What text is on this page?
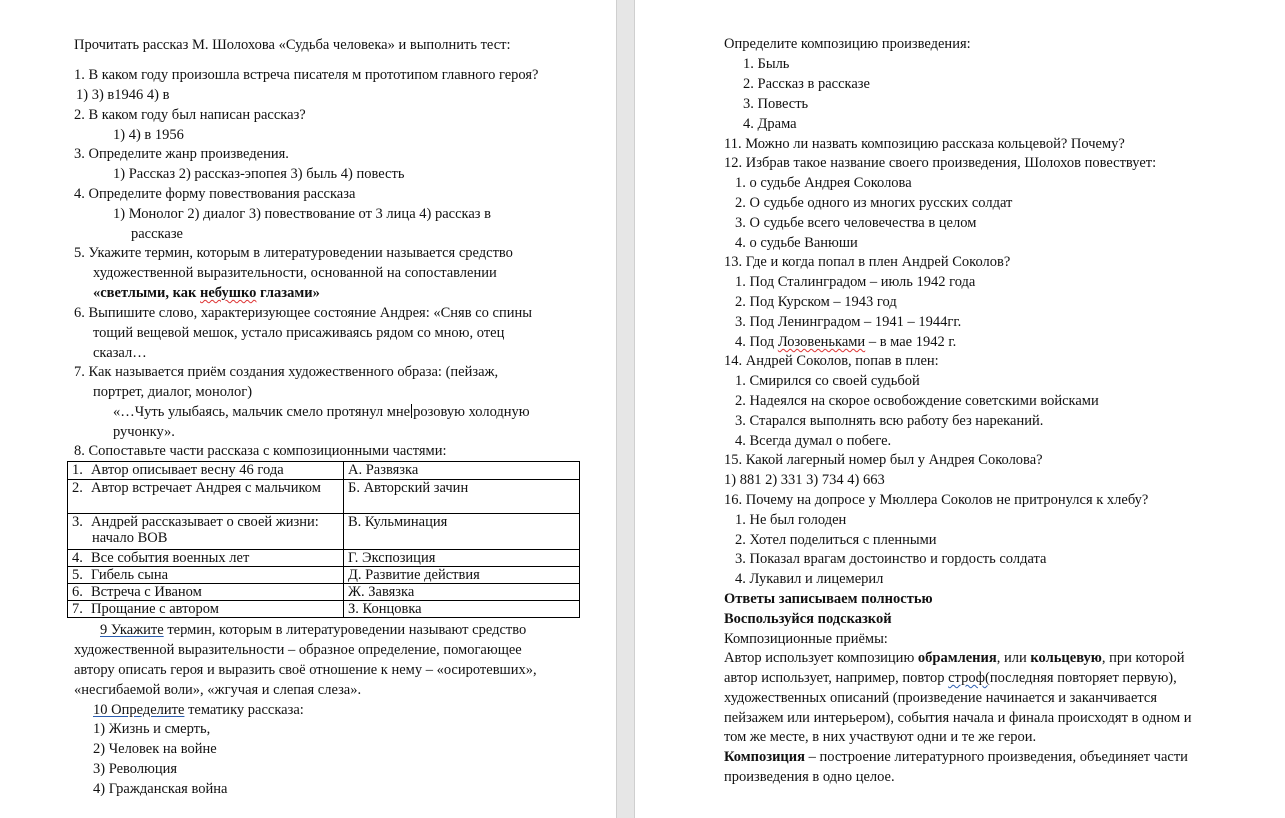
Прочитать рассказ М. Шолохова «Судьба человека» и выполнить тест:
1. В каком году произошла встреча писателя м прототипом главного героя?
1) 3) в1946 4) в
2. В каком году был написан рассказ?
1) 4) в 1956
3. Определите жанр произведения.
1) Рассказ 2) рассказ-эпопея 3) быль 4) повесть
4. Определите форму повествования рассказа
1) Монолог 2) диалог 3) повествование от 3 лица 4) рассказ в
рассказе
5. Укажите термин, которым в литературоведении называется средство
художественной выразительности, основанной на сопоставлении
«светлыми, как небушко глазами»
6. Выпишите слово, характеризующее состояние Андрея: «Сняв со спины
тощий вещевой мешок, устало присаживаясь рядом со мною, отец
сказал…
7. Как называется приём создания художественного образа: (пейзаж,
портрет, диалог, монолог)
«…Чуть улыбаясь, мальчик смело протянул мне розовую холодную
ручонку».
8. Сопоставьте части рассказа с композиционными частями:
1. Автор описывает весну 46 года	А. Развязка
2. Автор встречает Андрея с мальчиком	Б. Авторский зачин
3. Андрей рассказывает о своей жизни: начало ВОВ	В. Кульминация
4. Все события военных лет	Г. Экспозиция
5. Гибель сына	Д. Развитие действия
6. Встреча с Иваном	Ж. Завязка
7. Прощание с автором	З. Концовка
9 Укажите термин, которым в литературоведении называют средство
художественной выразительности – образное определение, помогающее
автору описать героя и выразить своё отношение к нему – «осиротевших»,
«несгибаемой воли», «жгучая и слепая слеза».
10 Определите тематику рассказа:
1) Жизнь и смерть,
2) Человек на войне
3) Революция
4) Гражданская война
Определите композицию произведения:
1. Быль
2. Рассказ в рассказе
3. Повесть
4. Драма
11. Можно ли назвать композицию рассказа кольцевой? Почему?
12. Избрав такое название своего произведения, Шолохов повествует:
1. о судьбе Андрея Соколова
2. О судьбе одного из многих русских солдат
3. О судьбе всего человечества в целом
4. о судьбе Ванюши
13. Где и когда попал в плен Андрей Соколов?
1. Под Сталинградом – июль 1942 года
2. Под Курском – 1943 год
3. Под Ленинградом – 1941 – 1944гг.
4. Под Лозовеньками – в мае 1942 г.
14. Андрей Соколов, попав в плен:
1. Смирился со своей судьбой
2. Надеялся на скорое освобождение советскими войсками
3. Старался выполнять всю работу без нареканий.
4. Всегда думал о побеге.
15. Какой лагерный номер был у Андрея Соколова?
1) 881 2) 331 3) 734 4) 663
16. Почему на допросе у Мюллера Соколов не притронулся к хлебу?
1. Не был голоден
2. Хотел поделиться с пленными
3. Показал врагам достоинство и гордость солдата
4. Лукавил и лицемерил
Ответы записываем полностью
Воспользуйся подсказкой
Композиционные приёмы:
Автор использует композицию обрамления, или кольцевую, при которой
автор использует, например, повтор строф(последняя повторяет первую),
художественных описаний (произведение начинается и заканчивается
пейзажем или интерьером), события начала и финала происходят в одном и
том же месте, в них участвуют одни и те же герои.
Композиция – построение литературного произведения, объединяет части
произведения в одно целое.
